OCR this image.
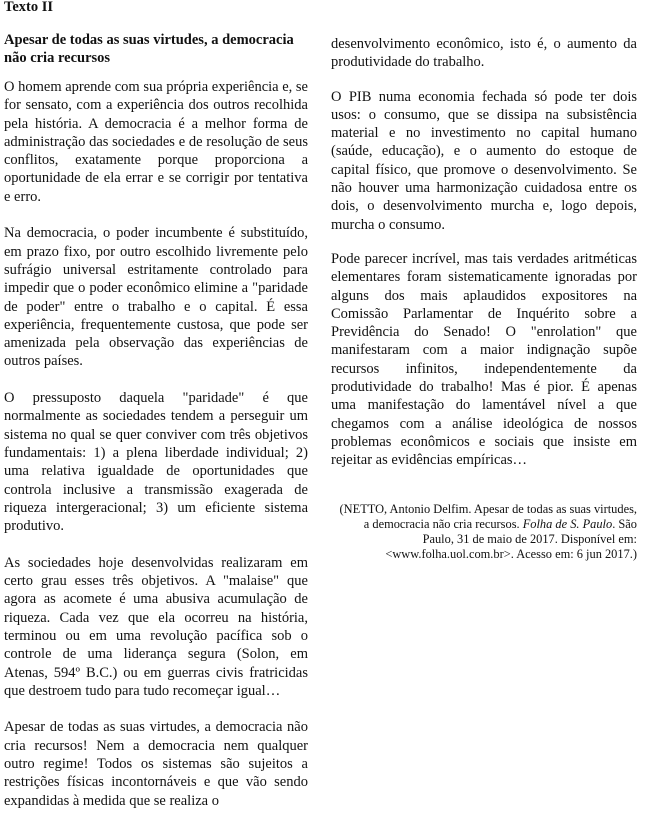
Texto II
Apesar de todas as suas virtudes, a democracia não cria recursos

O homem aprende com sua própria experiência e, se for sensato, com a experiência dos outros recolhida pela história. A democracia é a melhor forma de administração das sociedades e de resolução de seus conflitos, exatamente porque proporciona a oportunidade de ela errar e se corrigir por tentativa e erro.

Na democracia, o poder incumbente é substituído, em prazo fixo, por outro escolhido livremente pelo sufrágio universal estritamente controlado para impedir que o poder econômico elimine a "paridade de poder" entre o trabalho e o capital. É essa experiência, frequentemente custosa, que pode ser amenizada pela observação das experiências de outros países.

O pressuposto daquela "paridade" é que normalmente as sociedades tendem a perseguir um sistema no qual se quer conviver com três objetivos fundamentais: 1) a plena liberdade individual; 2) uma relativa igualdade de oportunidades que controla inclusive a transmissão exagerada de riqueza intergeracional; 3) um eficiente sistema produtivo.

As sociedades hoje desenvolvidas realizaram em certo grau esses três objetivos. A "malaise" que agora as acomete é uma abusiva acumulação de riqueza. Cada vez que ela ocorreu na história, terminou ou em uma revolução pacífica sob o controle de uma liderança segura (Solon, em Atenas, 594º B.C.) ou em guerras civis fratricidas que destroem tudo para tudo recomeçar igual…

Apesar de todas as suas virtudes, a democracia não cria recursos! Nem a democracia nem qualquer outro regime! Todos os sistemas são sujeitos a restrições físicas incontornáveis e que vão sendo expandidas à medida que se realiza o

desenvolvimento econômico, isto é, o aumento da produtividade do trabalho.

O PIB numa economia fechada só pode ter dois usos: o consumo, que se dissipa na subsistência material e no investimento no capital humano (saúde, educação), e o aumento do estoque de capital físico, que promove o desenvolvimento. Se não houver uma harmonização cuidadosa entre os dois, o desenvolvimento murcha e, logo depois, murcha o consumo.

Pode parecer incrível, mas tais verdades aritméticas elementares foram sistematicamente ignoradas por alguns dos mais aplaudidos expositores na Comissão Parlamentar de Inquérito sobre a Previdência do Senado! O "enrolation" que manifestaram com a maior indignação supõe recursos infinitos, independentemente da produtividade do trabalho! Mas é pior. É apenas uma manifestação do lamentável nível a que chegamos com a análise ideológica de nossos problemas econômicos e sociais que insiste em rejeitar as evidências empíricas…

(NETTO, Antonio Delfim. Apesar de todas as suas virtudes, a democracia não cria recursos. Folha de S. Paulo. São Paulo, 31 de maio de 2017. Disponível em: <www.folha.uol.com.br>. Acesso em: 6 jun 2017.)
